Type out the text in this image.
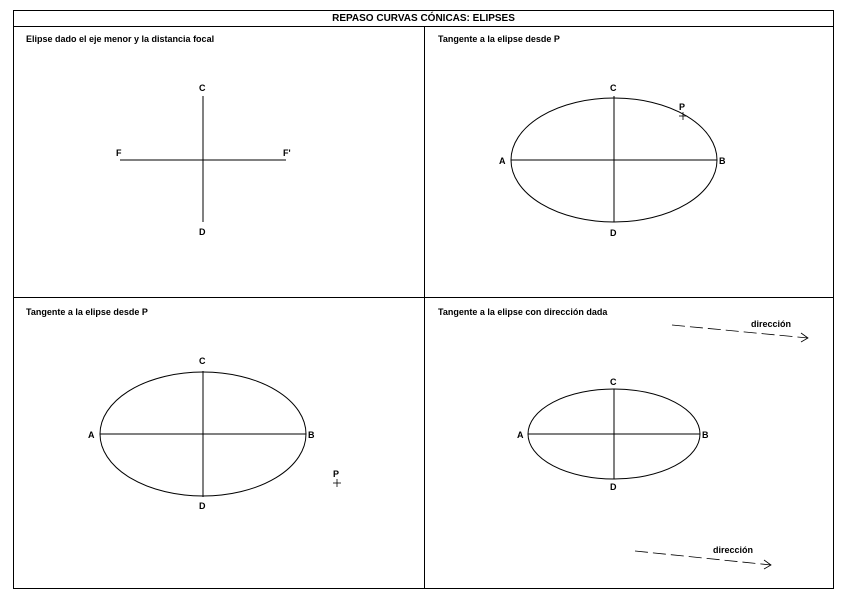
REPASO CURVAS CÓNICAS: ELIPSES
Elipse dado el eje menor y la distancia focal	Tangente a la elipse desde P
Tangente a la elipse desde P	Tangente a la elipse con dirección dada
C
D
F	F'
C
D
A	B
P
C
D
A	B
P
C
D
A	B
dirección
dirección
